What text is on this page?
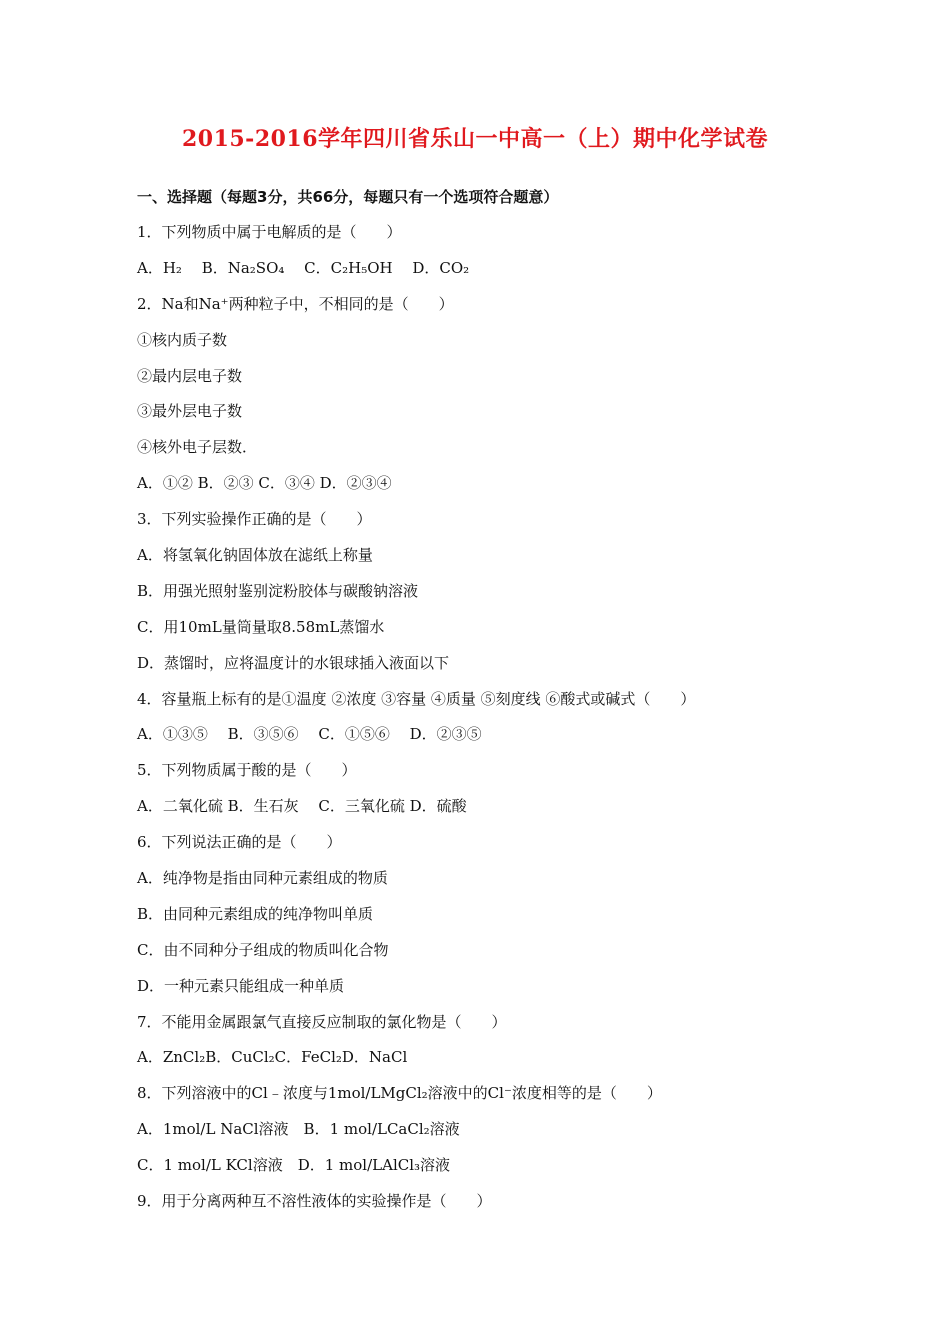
2015-2016学年四川省乐山一中高一（上）期中化学试卷
一、选择题（每题3分，共66分，每题只有一个选项符合题意）
1．下列物质中属于电解质的是（　　）
A．H₂　 B．Na₂SO₄　 C．C₂H₅OH　 D．CO₂
2．Na和Na⁺两种粒子中，不相同的是（　　）
①核内质子数
②最内层电子数
③最外层电子数
④核外电子层数．
A．①② B．②③ C．③④ D．②③④
3．下列实验操作正确的是（　　）
A．将氢氧化钠固体放在滤纸上称量
B．用强光照射鉴别淀粉胶体与碳酸钠溶液
C．用10mL量筒量取8.58mL蒸馏水
D．蒸馏时，应将温度计的水银球插入液面以下
4．容量瓶上标有的是①温度 ②浓度 ③容量 ④质量 ⑤刻度线 ⑥酸式或碱式（　　）
A．①③⑤　 B．③⑤⑥　 C．①⑤⑥　 D．②③⑤
5．下列物质属于酸的是（　　）
A．二氧化硫 B．生石灰　 C．三氧化硫 D．硫酸
6．下列说法正确的是（　　）
A．纯净物是指由同种元素组成的物质
B．由同种元素组成的纯净物叫单质
C．由不同种分子组成的物质叫化合物
D．一种元素只能组成一种单质
7．不能用金属跟氯气直接反应制取的氯化物是（　　）
A．ZnCl₂B．CuCl₂C．FeCl₂D．NaCl
8．下列溶液中的Cl﹣浓度与1mol/LMgCl₂溶液中的Cl⁻浓度相等的是（　　）
A．1mol/L NaCl溶液　B．1 mol/LCaCl₂溶液
C．1 mol/L KCl溶液　D．1 mol/LAlCl₃溶液
9．用于分离两种互不溶性液体的实验操作是（　　）
